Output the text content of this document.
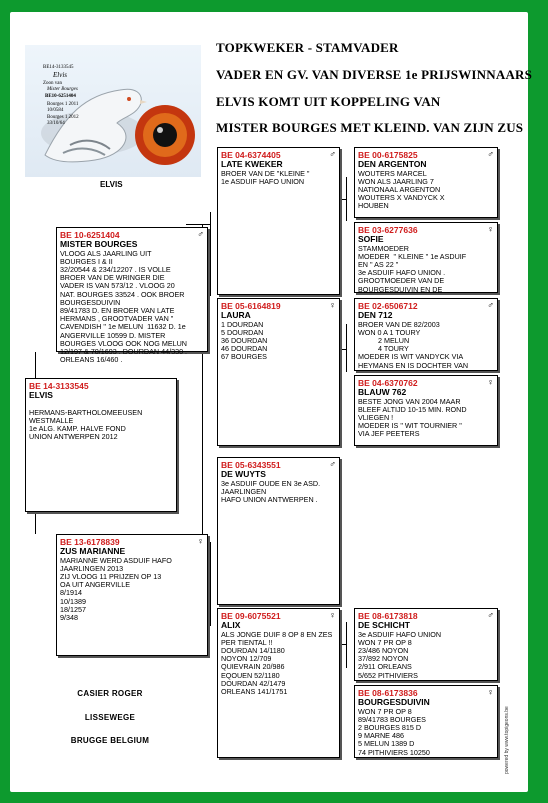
TOPKWEKER - STAMVADER
VADER EN GV. VAN DIVERSE 1e PRIJSWINNAARS
ELVIS KOMT UIT KOPPELING VAN
MISTER BOURGES MET KLEIND. VAN ZIJN ZUS
BE14-3133545
Elvis
Zoon van
Mister Bourges
BE10-6251404
Bourges 1 2011
10/0584
Bourges 1 2012
33/10/64
ELVIS
BE 14-3133545
ELVIS

HERMANS-BARTHOLOMEEUSEN
WESTMALLE
1e ALG. KAMP. HALVE FOND
UNION ANTWERPEN 2012
♂
BE 10-6251404
MISTER BOURGES
VLOOG ALS JAARLING UIT
BOURGES I & II
32/20544 & 234/12207 . IS VOLLE
BROER VAN DE WRINGER DIE
VADER IS VAN 573/12 . VLOOG 20
NAT. BOURGES 33524 . OOK BROER
BOURGESDUIVIN
89/41783 D. EN BROER VAN LATE
HERMANS , GROOTVADER VAN "
CAVENDISH " 1e MELUN  11632 D. 1e
ANGERVILLE 10599 D. MISTER
BOURGES VLOOG OOK NOG MELUN
12/197 & 70/1693 . DOURDAN 44/330 .
ORLEANS 16/460 .
♀
BE 13-6178839
ZUS MARIANNE
MARIANNE WERD ASDUIF HAFO
JAARLINGEN 2013
ZIJ VLOOG 11 PRIJZEN OP 13
OA UIT ANGERVILLE
8/1914
10/1389
18/1257
9/348
♂
BE 04-6374405
LATE KWEKER
BROER VAN DE "KLEINE "
1e ASDUIF HAFO UNION
♀
BE 05-6164819
LAURA
1 DOURDAN
5 DOURDAN
36 DOURDAN
46 DOURDAN
67 BOURGES
♂
BE 05-6343551
DE WUYTS
3e ASDUIF OUDE EN 3e ASD.
JAARLINGEN
HAFO UNION ANTWERPEN .
♀
BE 09-6075521
ALIX
ALS JONGE DUIF 8 OP 8 EN ZES
PER TIENTAL !!
DOURDAN 14/1180
NOYON 12/709
QUIEVRAIN 20/986
EQOUEN 52/1180
DOURDAN 42/1479
ORLEANS 141/1751
♂
BE 00-6175825
DEN ARGENTON
WOUTERS MARCEL
WON ALS JAARLING 7
NATIONAAL ARGENTON
WOUTERS X VANDYCK X
HOUBEN
♀
BE 03-6277636
SOFIE
STAMMOEDER
MOEDER  " KLEINE " 1e ASDUIF
EN " AS 22 "
3e ASDUIF HAFO UNION .
GROOTMOEDER VAN DE
BOURGESDUIVIN EN DE
♂
BE 02-6506712
DEN 712
BROER VAN DE 82/2003
WON 0 A 1 TOURY
2 MELUN
4 TOURY
MOEDER IS WIT VANDYCK VIA
HEYMANS EN IS DOCHTER VAN
♀
BE 04-6370762
BLAUW 762
BESTE JONG VAN 2004 MAAR
BLEEF ALTIJD 10-15 MIN. ROND
VLIEGEN !
MOEDER IS " WIT TOURNIER "
VIA JEF PEETERS
♂
BE 08-6173818
DE SCHICHT
3e ASDUIF HAFO UNION
WON 7 PR OP 8
23/486 NOYON
37/892 NOYON
2/911 ORLEANS
5/652 PITHIVIERS
♀
BE 08-6173836
BOURGESDUIVIN
WON 7 PR OP 8
89/41783 BOURGES
2 BOURGES 815 D
9 MARNE 486
5 MELUN 1389 D
74 PITHIVIERS 10250
CASIER ROGER
LISSEWEGE
BRUGGE BELGIUM	powered by www.topigeons.be
